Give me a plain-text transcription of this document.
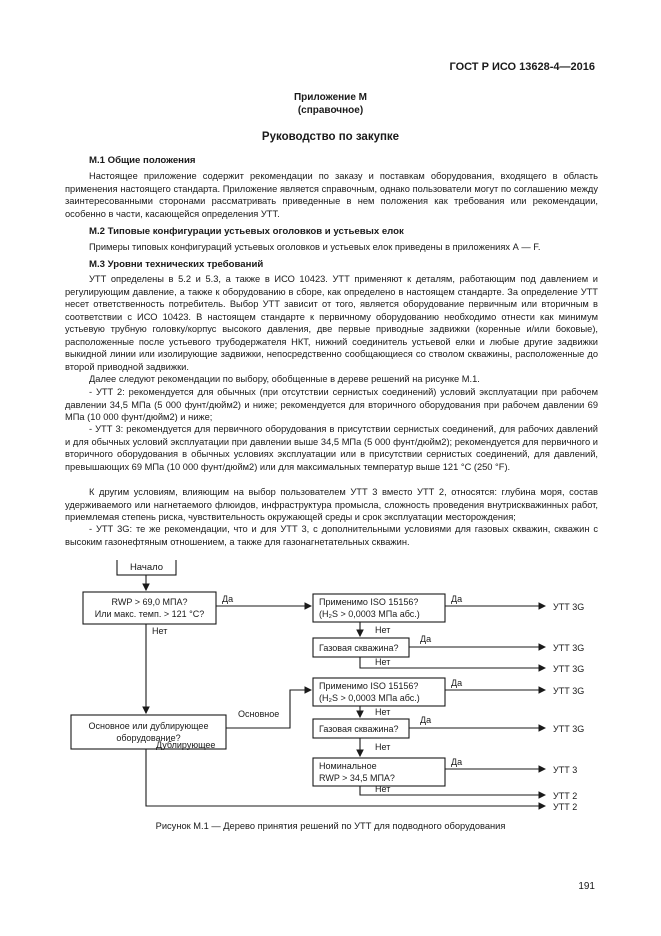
ГОСТ Р ИСО 13628-4—2016
Приложение М
(справочное)
Руководство по закупке
М.1 Общие положения

Настоящее приложение содержит рекомендации по заказу и поставкам оборудования, входящего в область применения настоящего стандарта. Приложение является справочным, однако пользователи могут по соглашению между заинтересованными сторонами рассматривать приведенные в нем положения как требования или рекомендации, особенно в части, касающейся определения УТТ.

М.2 Типовые конфигурации устьевых оголовков и устьевых елок

Примеры типовых конфигураций устьевых оголовков и устьевых елок приведены в приложениях А — F.

М.3 Уровни технических требований

УТТ определены в 5.2 и 5.3, а также в ИСО 10423. УТТ применяют к деталям, работающим под давлением и регулирующим давление, а также к оборудованию в сборе, как определено в настоящем стандарте. За определение УТТ несет ответственность потребитель. Выбор УТТ зависит от того, является оборудование первичным или вторичным в соответствии с ИСО 10423. В настоящем стандарте к первичному оборудованию необходимо отнести как минимум устьевую трубную головку/корпус высокого давления, две первые приводные задвижки (коренные и/или боковые), расположенные после устьевого трубодержателя НКТ, нижний соединитель устьевой елки и любые другие задвижки выкидной линии или изолирующие задвижки, непосредственно сообщающиеся со стволом скважины, расположенные до второй приводной задвижки.

Далее следуют рекомендации по выбору, обобщенные в дереве решений на рисунке М.1.

- УТТ 2: рекомендуется для обычных (при отсутствии сернистых соединений) условий эксплуатации при рабочем давлении 34,5 МПа (5 000 фунт/дюйм2) и ниже; рекомендуется для вторичного оборудования при рабочем давлении 69 МПа (10 000 фунт/дюйм2) и ниже;

- УТТ 3: рекомендуется для первичного оборудования в присутствии сернистых соединений, для рабочих давлений и для обычных условий эксплуатации при давлении выше 34,5 МПа (5 000 фунт/дюйм2); рекомендуется для первичного и вторичного оборудования в обычных условиях эксплуатации или в присутствии сернистых соединений, для давлений, превышающих 69 МПа (10 000 фунт/дюйм2) или для максимальных температур выше 121 °C (250 °F).

К другим условиям, влияющим на выбор пользователем УТТ 3 вместо УТТ 2, относятся: глубина моря, состав удерживаемого или нагнетаемого флюидов, инфраструктура промысла, сложность проведения внутрискважинных работ, приемлемая степень риска, чувствительность окружающей среды и срок эксплуатации месторождения;

- УТТ 3G: те же рекомендации, что и для УТТ 3, с дополнительными условиями для газовых скважин, скважин с высоким газонефтяным отношением, а также для газонагнетательных скважин.

Начало
RWP > 69,0 МПА?
Или макс. темп. > 121 °C?
Основное или дублирующее
оборудование?
Применимо ISO 15156?
(H₂S > 0,0003 МПа абс.)
Газовая скважина?
Применимо ISO 15156?
(H₂S > 0,0003 МПа абс.)
Газовая скважина?
Номинальное
RWP > 34,5 МПА?
Да
Нет
Да
Нет
Да
Нет
Основное
Да
Нет
Да
Нет
Да
Нет
Дублирующее
УТТ 3G
УТТ 3G
УТТ 3G
УТТ 3G
УТТ 3G
УТТ 3
УТТ 2
УТТ 2
Рисунок М.1 — Дерево принятия решений по УТТ для подводного оборудования
191
